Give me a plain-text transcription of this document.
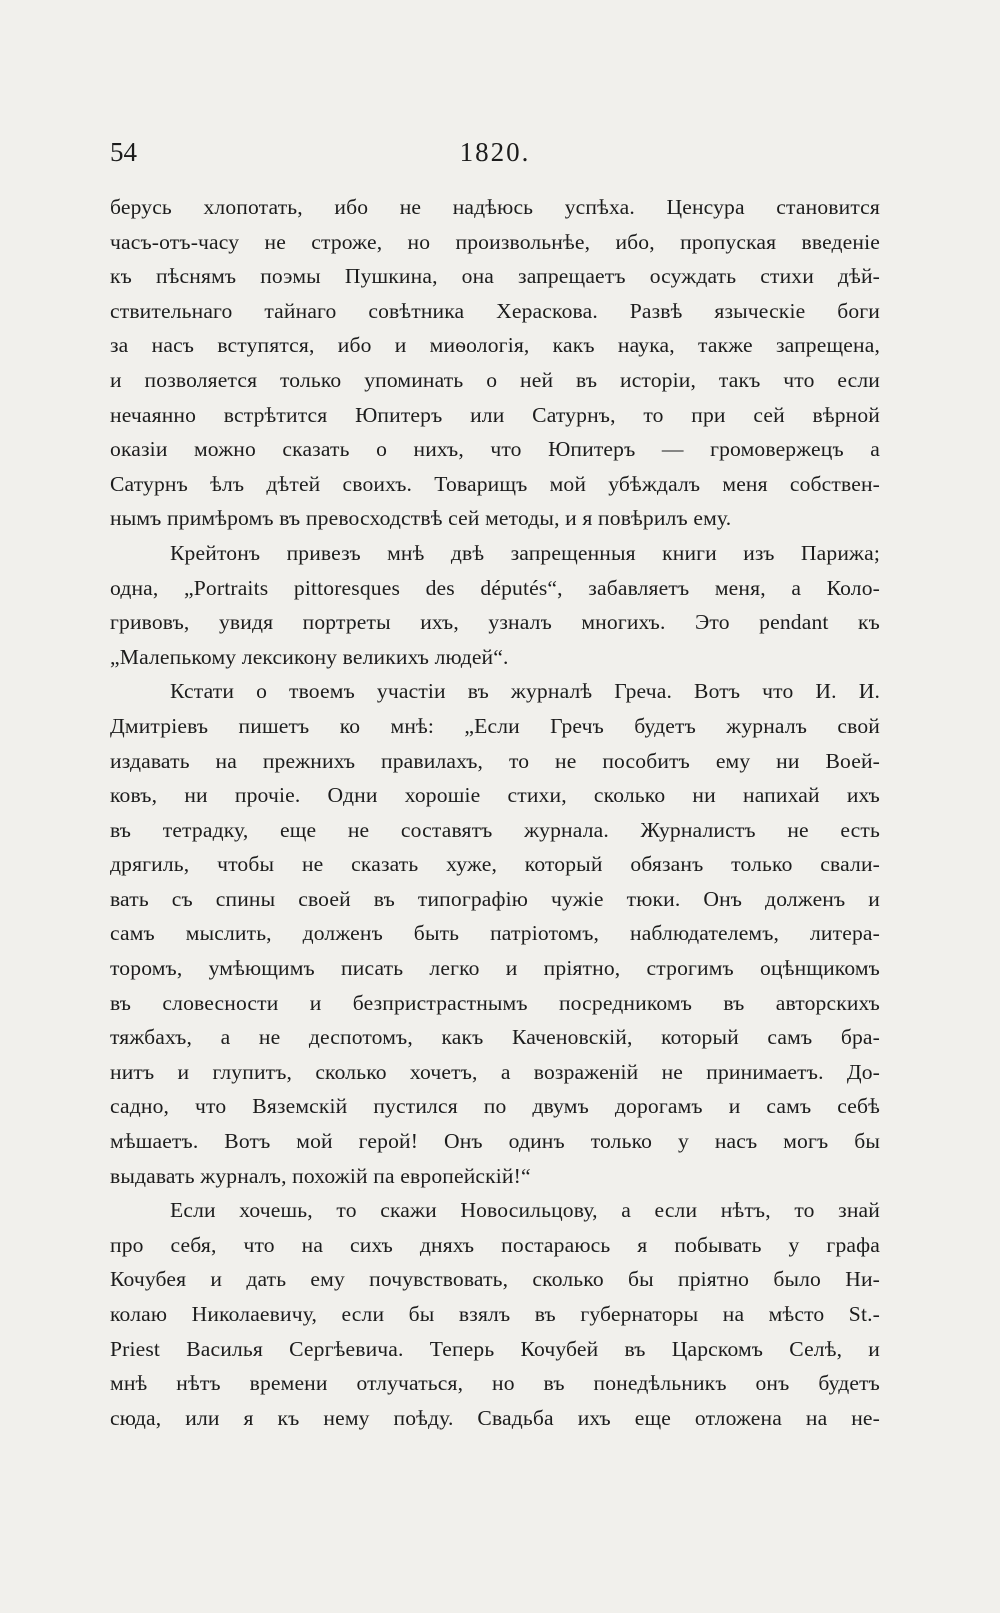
54	1820.
берусь хлопотать, ибо не надѣюсь успѣха. Ценсура становится
часъ-отъ-часу не строже, но произвольнѣе, ибо, пропуская введеніе
къ пѣснямъ поэмы Пушкина, она запрещаетъ осуждать стихи дѣй-
ствительнаго тайнаго совѣтника Хераскова. Развѣ языческіе боги
за насъ вступятся, ибо и миѳологія, какъ наука, также запрещена,
и позволяется только упоминать о ней въ исторіи, такъ что если
нечаянно встрѣтится Юпитеръ или Сатурнъ, то при сей вѣрной
оказіи можно сказать о нихъ, что Юпитеръ — громовержецъ а
Сатурнъ ѣлъ дѣтей своихъ. Товарищъ мой убѣждалъ меня собствен-
нымъ примѣромъ въ превосходствѣ сей методы, и я повѣрилъ ему.
Крейтонъ привезъ мнѣ двѣ запрещенныя книги изъ Парижа;
одна, „Portraits pittoresques des députés“, забавляетъ меня, а Коло-
гривовъ, увидя портреты ихъ, узналъ многихъ. Это pendant къ
„Малепькому лексикону великихъ людей“.
Кстати о твоемъ участіи въ журналѣ Греча. Вотъ что И. И.
Дмитріевъ пишетъ ко мнѣ: „Если Гречъ будетъ журналъ свой
издавать на прежнихъ правилахъ, то не пособитъ ему ни Воей-
ковъ, ни прочіе. Одни хорошіе стихи, сколько ни напихай ихъ
въ тетрадку, еще не составятъ журнала. Журналистъ не есть
дрягиль, чтобы не сказать хуже, который обязанъ только свали-
вать съ спины своей въ типографію чужіе тюки. Онъ долженъ и
самъ мыслить, долженъ быть патріотомъ, наблюдателемъ, литера-
торомъ, умѣющимъ писать легко и пріятно, строгимъ оцѣнщикомъ
въ словесности и безпристрастнымъ посредникомъ въ авторскихъ
тяжбахъ, а не деспотомъ, какъ Каченовскій, который самъ бра-
нитъ и глупитъ, сколько хочетъ, а возраженій не принимаетъ. До-
садно, что Вяземскій пустился по двумъ дорогамъ и самъ себѣ
мѣшаетъ. Вотъ мой герой! Онъ одинъ только у насъ могъ бы
выдавать журналъ, похожій па европейскій!“
Если хочешь, то скажи Новосильцову, а если нѣтъ, то знай
про себя, что на сихъ дняхъ постараюсь я побывать у графа
Кочубея и дать ему почувствовать, сколько бы пріятно было Ни-
колаю Николаевичу, если бы взялъ въ губернаторы на мѣсто St.-
Priest Василья Сергѣевича. Теперь Кочубей въ Царскомъ Селѣ, и
мнѣ нѣтъ времени отлучаться, но въ понедѣльникъ онъ будетъ
сюда, или я къ нему поѣду. Свадьба ихъ еще отложена на не-
